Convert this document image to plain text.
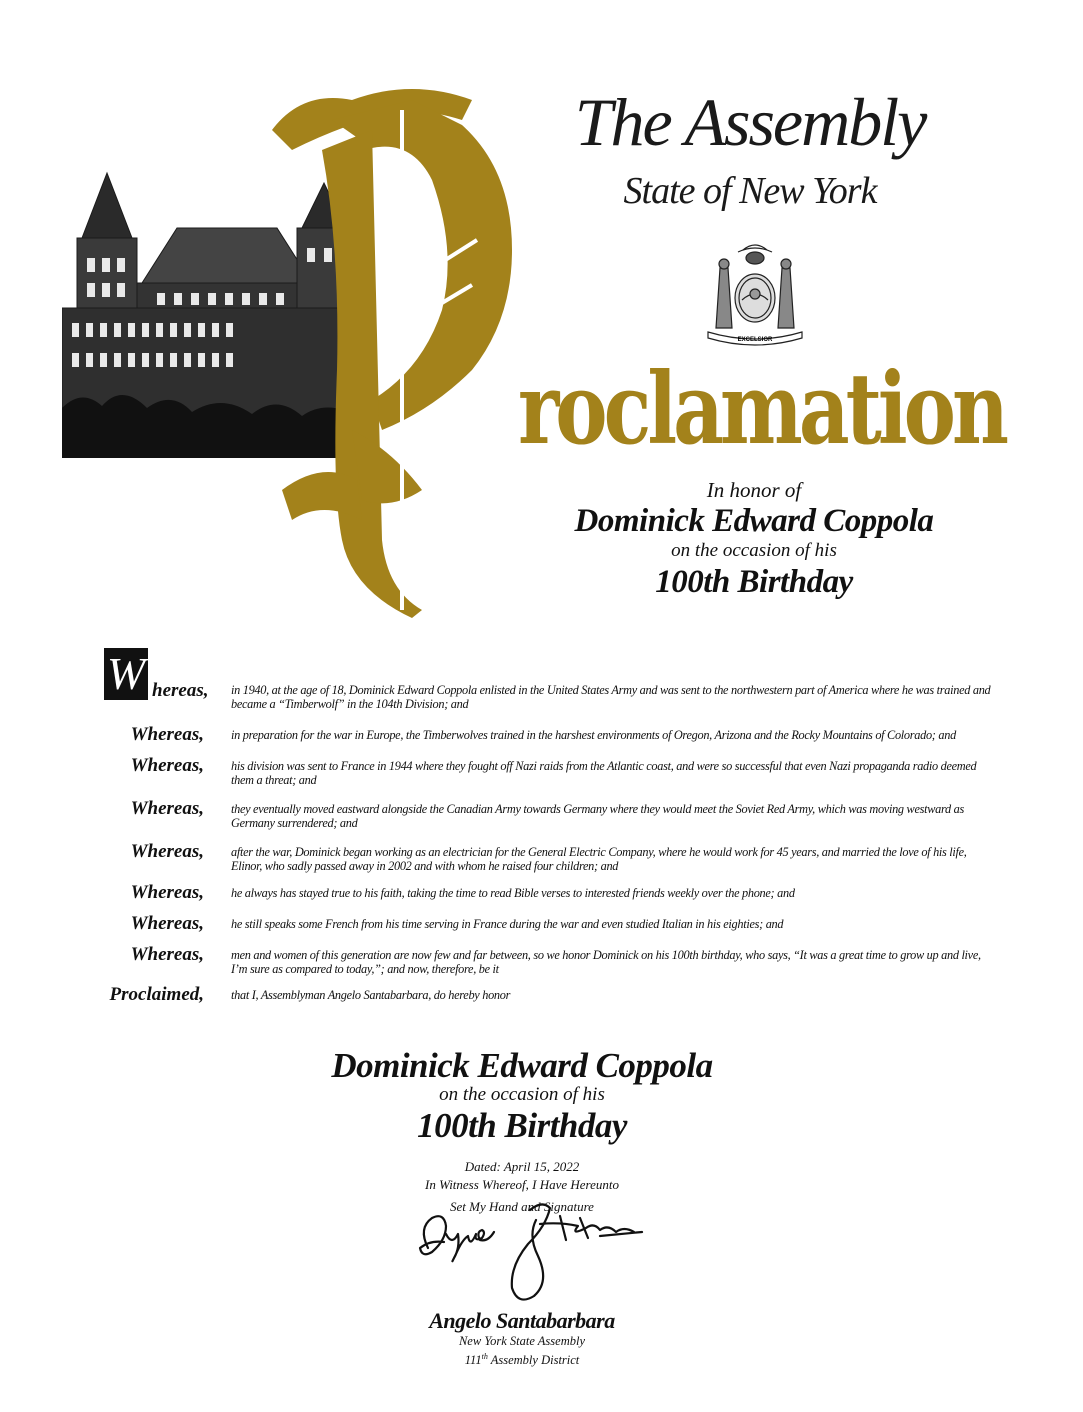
The Assembly
State of New York
EXCELSIOR
roclamation
In honor of
Dominick Edward Coppola
on the occasion of his
100th Birthday
W hereas, in 1940, at the age of 18, Dominick Edward Coppola enlisted in the United States Army and was sent to the northwestern part of America where he was trained and became a “Timberwolf” in the 104th Division; and
Whereas, in preparation for the war in Europe, the Timberwolves trained in the harshest environments of Oregon, Arizona and the Rocky Mountains of Colorado; and
Whereas, his division was sent to France in 1944 where they fought off Nazi raids from the Atlantic coast, and were so successful that even Nazi propaganda radio deemed them a threat; and
Whereas, they eventually moved eastward alongside the Canadian Army towards Germany where they would meet the Soviet Red Army, which was moving westward as Germany surrendered; and
Whereas, after the war, Dominick began working as an electrician for the General Electric Company, where he would work for 45 years, and married the love of his life, Elinor, who sadly passed away in 2002 and with whom he raised four children; and
Whereas, he always has stayed true to his faith, taking the time to read Bible verses to interested friends weekly over the phone; and
Whereas, he still speaks some French from his time serving in France during the war and even studied Italian in his eighties; and
Whereas, men and women of this generation are now few and far between, so we honor Dominick on his 100th birthday, who says, “It was a great time to grow up and live, I’m sure as compared to today,”; and now, therefore, be it
Proclaimed, that I, Assemblyman Angelo Santabarbara, do hereby honor
Dominick Edward Coppola
on the occasion of his
100th Birthday
Dated: April 15, 2022
In Witness Whereof, I Have Hereunto
Set My Hand and Signature
Angelo Santabarbara
New York State Assembly
111th Assembly District
